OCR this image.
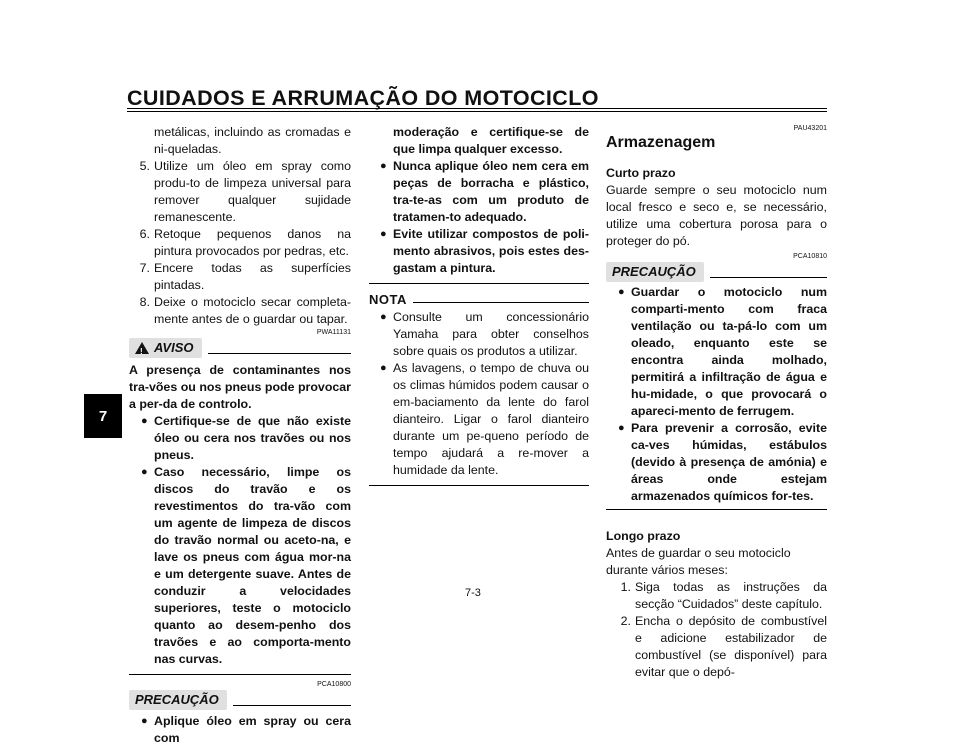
CUIDADOS E ARRUMAÇÃO DO MOTOCICLO
7

metálicas, incluindo as cromadas e ni-queladas.

5. Utilize um óleo em spray como produ-to de limpeza universal para remover qualquer sujidade remanescente.
6. Retoque pequenos danos na pintura provocados por pedras, etc.
7. Encere todas as superfícies pintadas.
8. Deixe o motociclo secar completa-mente antes de o guardar ou tapar.
PWA11131
! AVISO

A presença de contaminantes nos tra-vões ou nos pneus pode provocar a per-da de controlo.

● Certifique-se de que não existe óleo ou cera nos travões ou nos pneus.
● Caso necessário, limpe os discos do travão e os revestimentos do tra-vão com um agente de limpeza de discos do travão normal ou aceto-na, e lave os pneus com água mor-na e um detergente suave. Antes de conduzir a velocidades superiores, teste o motociclo quanto ao desem-penho dos travões e ao comporta-mento nas curvas.
PCA10800
PRECAUÇÃO
● Aplique óleo em spray ou cera com

moderação e certifique-se de que limpa qualquer excesso.

● Nunca aplique óleo nem cera em peças de borracha e plástico, tra-te-as com um produto de tratamen-to adequado.
● Evite utilizar compostos de poli-mento abrasivos, pois estes des-gastam a pintura.
NOTA
● Consulte um concessionário Yamaha para obter conselhos sobre quais os produtos a utilizar.
● As lavagens, o tempo de chuva ou os climas húmidos podem causar o em-baciamento da lente do farol dianteiro. Ligar o farol dianteiro durante um pe-queno período de tempo ajudará a re-mover a humidade da lente.
PAU43201

Armazenagem

Curto prazo

Guarde sempre o seu motociclo num local fresco e seco e, se necessário, utilize uma cobertura porosa para o proteger do pó.

PCA10810
PRECAUÇÃO
● Guardar o motociclo num comparti-mento com fraca ventilação ou ta-pá-lo com um oleado, enquanto este se encontra ainda molhado, permitirá a infiltração de água e hu-midade, o que provocará o apareci-mento de ferrugem.
● Para prevenir a corrosão, evite ca-ves húmidas, estábulos (devido à presença de amónia) e áreas onde estejam armazenados químicos for-tes.

Longo prazo

Antes de guardar o seu motociclo durante vários meses:

1. Siga todas as instruções da secção “Cuidados” deste capítulo.
2. Encha o depósito de combustível e adicione estabilizador de combustível (se disponível) para evitar que o depó-
7-3
